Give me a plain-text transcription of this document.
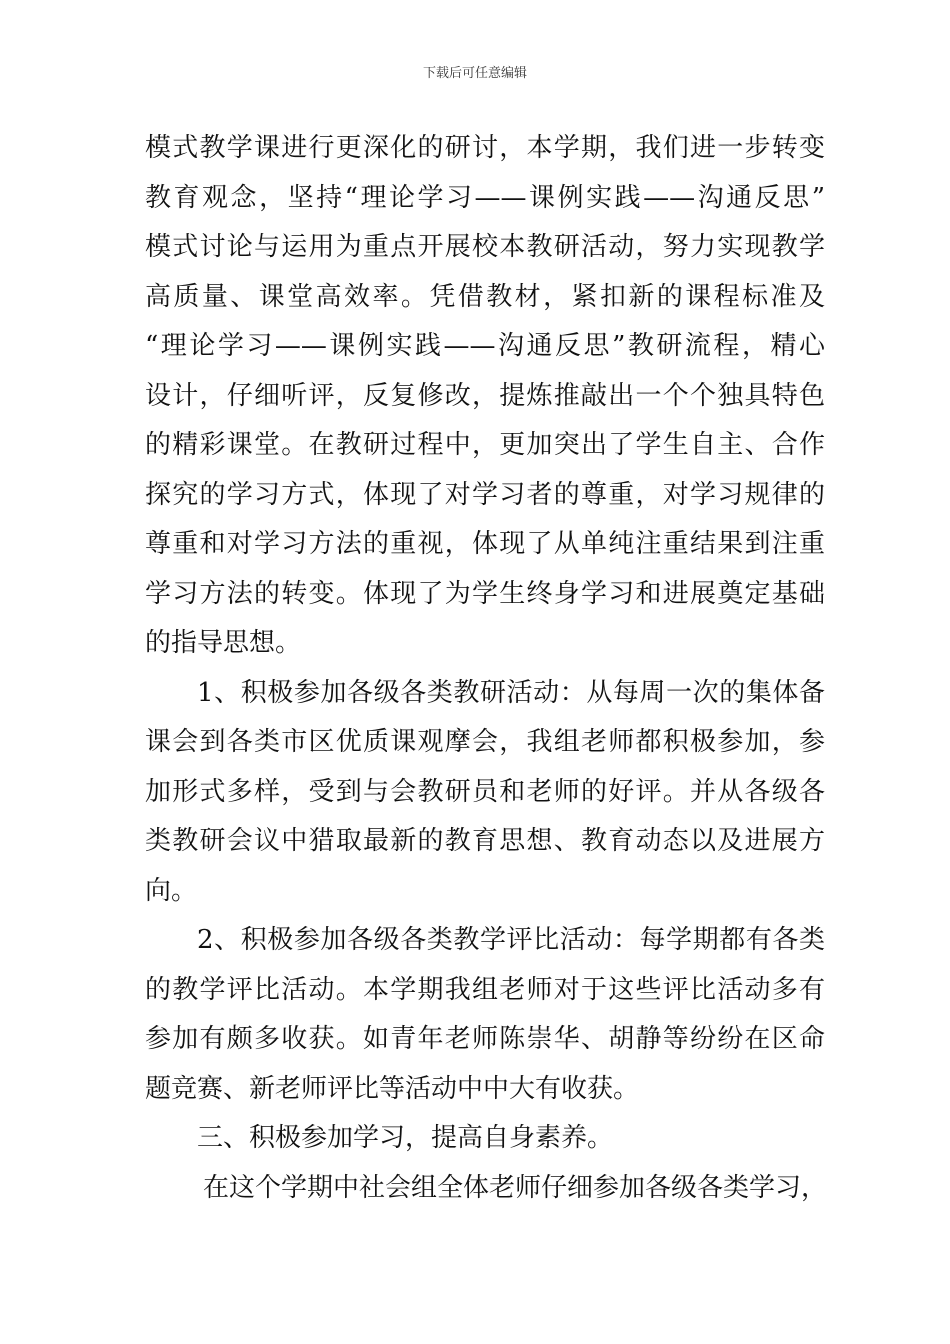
下载后可任意编辑
模式教学课进行更深化的研讨，本学期，我们进一步转变
教育观念，坚持“理论学习——课例实践——沟通反思”
模式讨论与运用为重点开展校本教研活动，努力实现教学
高质量、课堂高效率。凭借教材，紧扣新的课程标准及
“理论学习——课例实践——沟通反思”教研流程，精心
设计，仔细听评，反复修改，提炼推敲出一个个独具特色
的精彩课堂。在教研过程中，更加突出了学生自主、合作
探究的学习方式，体现了对学习者的尊重，对学习规律的
尊重和对学习方法的重视，体现了从单纯注重结果到注重
学习方法的转变。体现了为学生终身学习和进展奠定基础
的指导思想。
1、积极参加各级各类教研活动：从每周一次的集体备
课会到各类市区优质课观摩会，我组老师都积极参加，参
加形式多样，受到与会教研员和老师的好评。并从各级各
类教研会议中猎取最新的教育思想、教育动态以及进展方
向。
2、积极参加各级各类教学评比活动：每学期都有各类
的教学评比活动。本学期我组老师对于这些评比活动多有
参加有颇多收获。如青年老师陈崇华、胡静等纷纷在区命
题竞赛、新老师评比等活动中中大有收获。
三、积极参加学习，提高自身素养。
在这个学期中社会组全体老师仔细参加各级各类学习，
